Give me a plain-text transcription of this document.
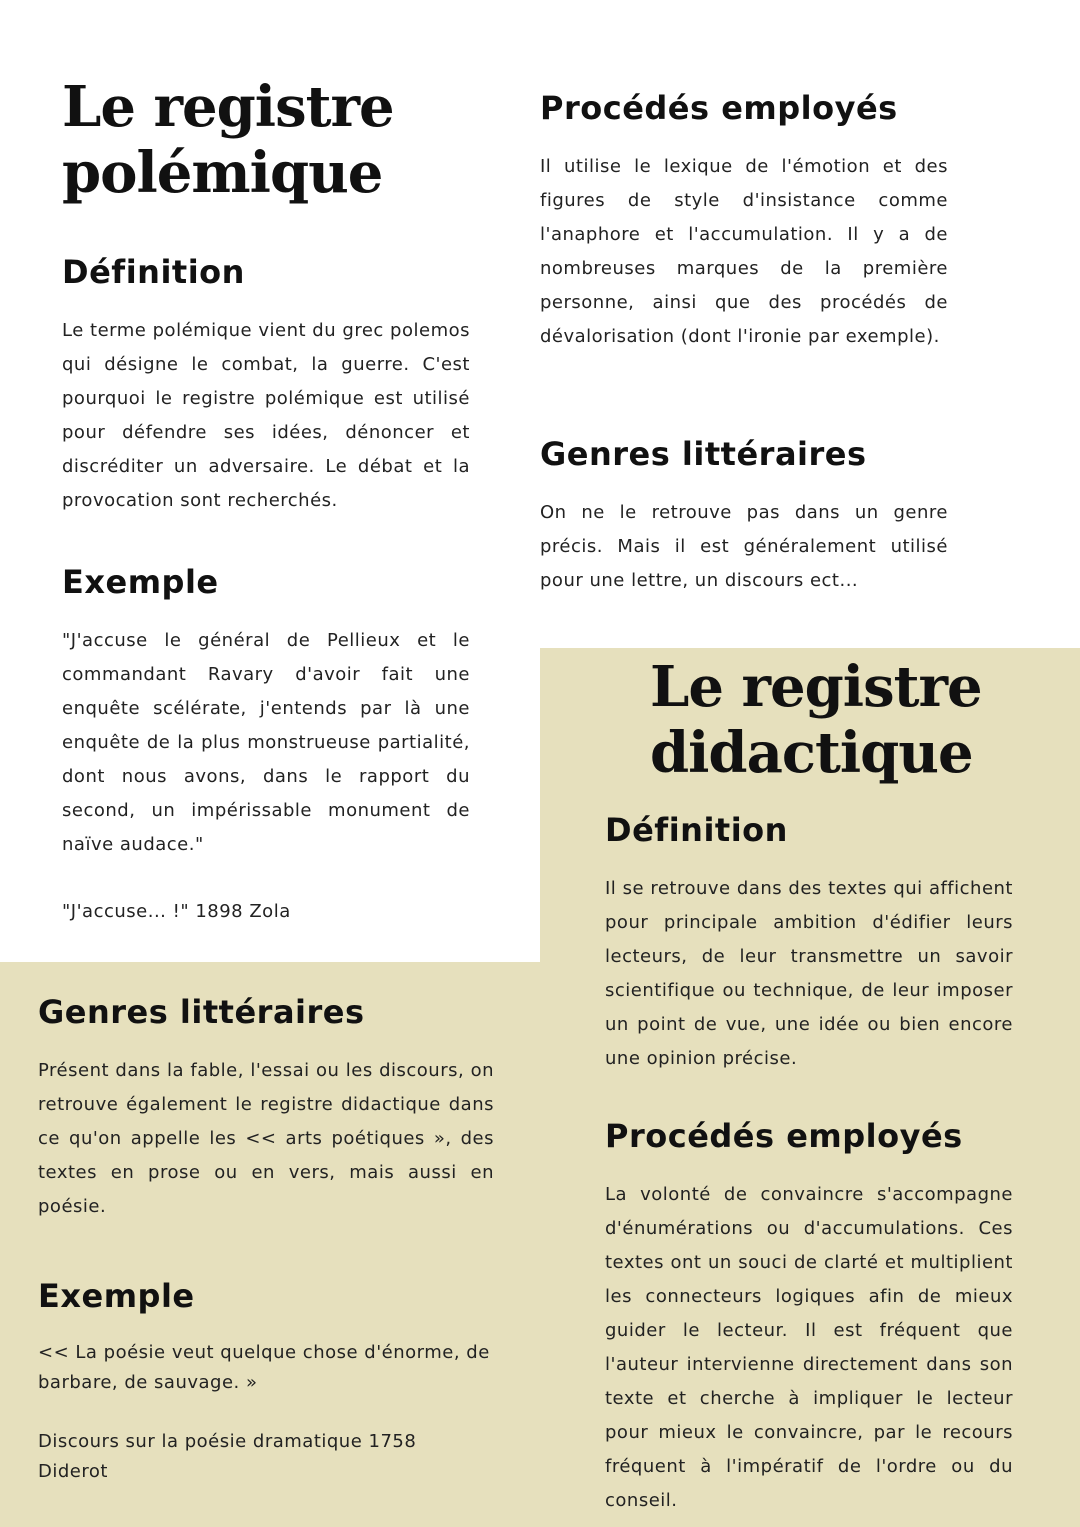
Le registre
polémique
Définition

Le terme polémique vient du grec polemos qui désigne le combat, la guerre. C'est pourquoi le registre polémique est utilisé pour défendre ses idées, dénoncer et discréditer un adversaire. Le débat et la provocation sont recherchés.

Exemple

"J'accuse le général de Pellieux et le commandant Ravary d'avoir fait une enquête scélérate, j'entends par là une enquête de la plus monstrueuse partialité, dont nous avons, dans le rapport du second, un impérissable monument de naïve audace."

"J'accuse... !" 1898 Zola

Procédés employés

Il utilise le lexique de l'émotion et des figures de style d'insistance comme l'anaphore et l'accumulation. Il y a de nombreuses marques de la première personne, ainsi que des procédés de dévalorisation (dont l'ironie par exemple).

Genres littéraires

On ne le retrouve pas dans un genre précis. Mais il est généralement utilisé pour une lettre, un discours ect...

Le registre
didactique
Définition

Il se retrouve dans des textes qui affichent pour principale ambition d'édifier leurs lecteurs, de leur transmettre un savoir scientifique ou technique, de leur imposer un point de vue, une idée ou bien encore une opinion précise.

Procédés employés

La volonté de convaincre s'accompagne d'énumérations ou d'accumulations. Ces textes ont un souci de clarté et multiplient les connecteurs logiques afin de mieux guider le lecteur. Il est fréquent que l'auteur intervienne directement dans son texte et cherche à impliquer le lecteur pour mieux le convaincre, par le recours fréquent à l'impératif de l'ordre ou du conseil.

Genres littéraires

Présent dans la fable, l'essai ou les discours, on retrouve également le registre didactique dans ce qu'on appelle les << arts poétiques », des textes en prose ou en vers, mais aussi en poésie.

Exemple

<< La poésie veut quelque chose d'énorme, de barbare, de sauvage. »

Discours sur la poésie dramatique 1758

Diderot
